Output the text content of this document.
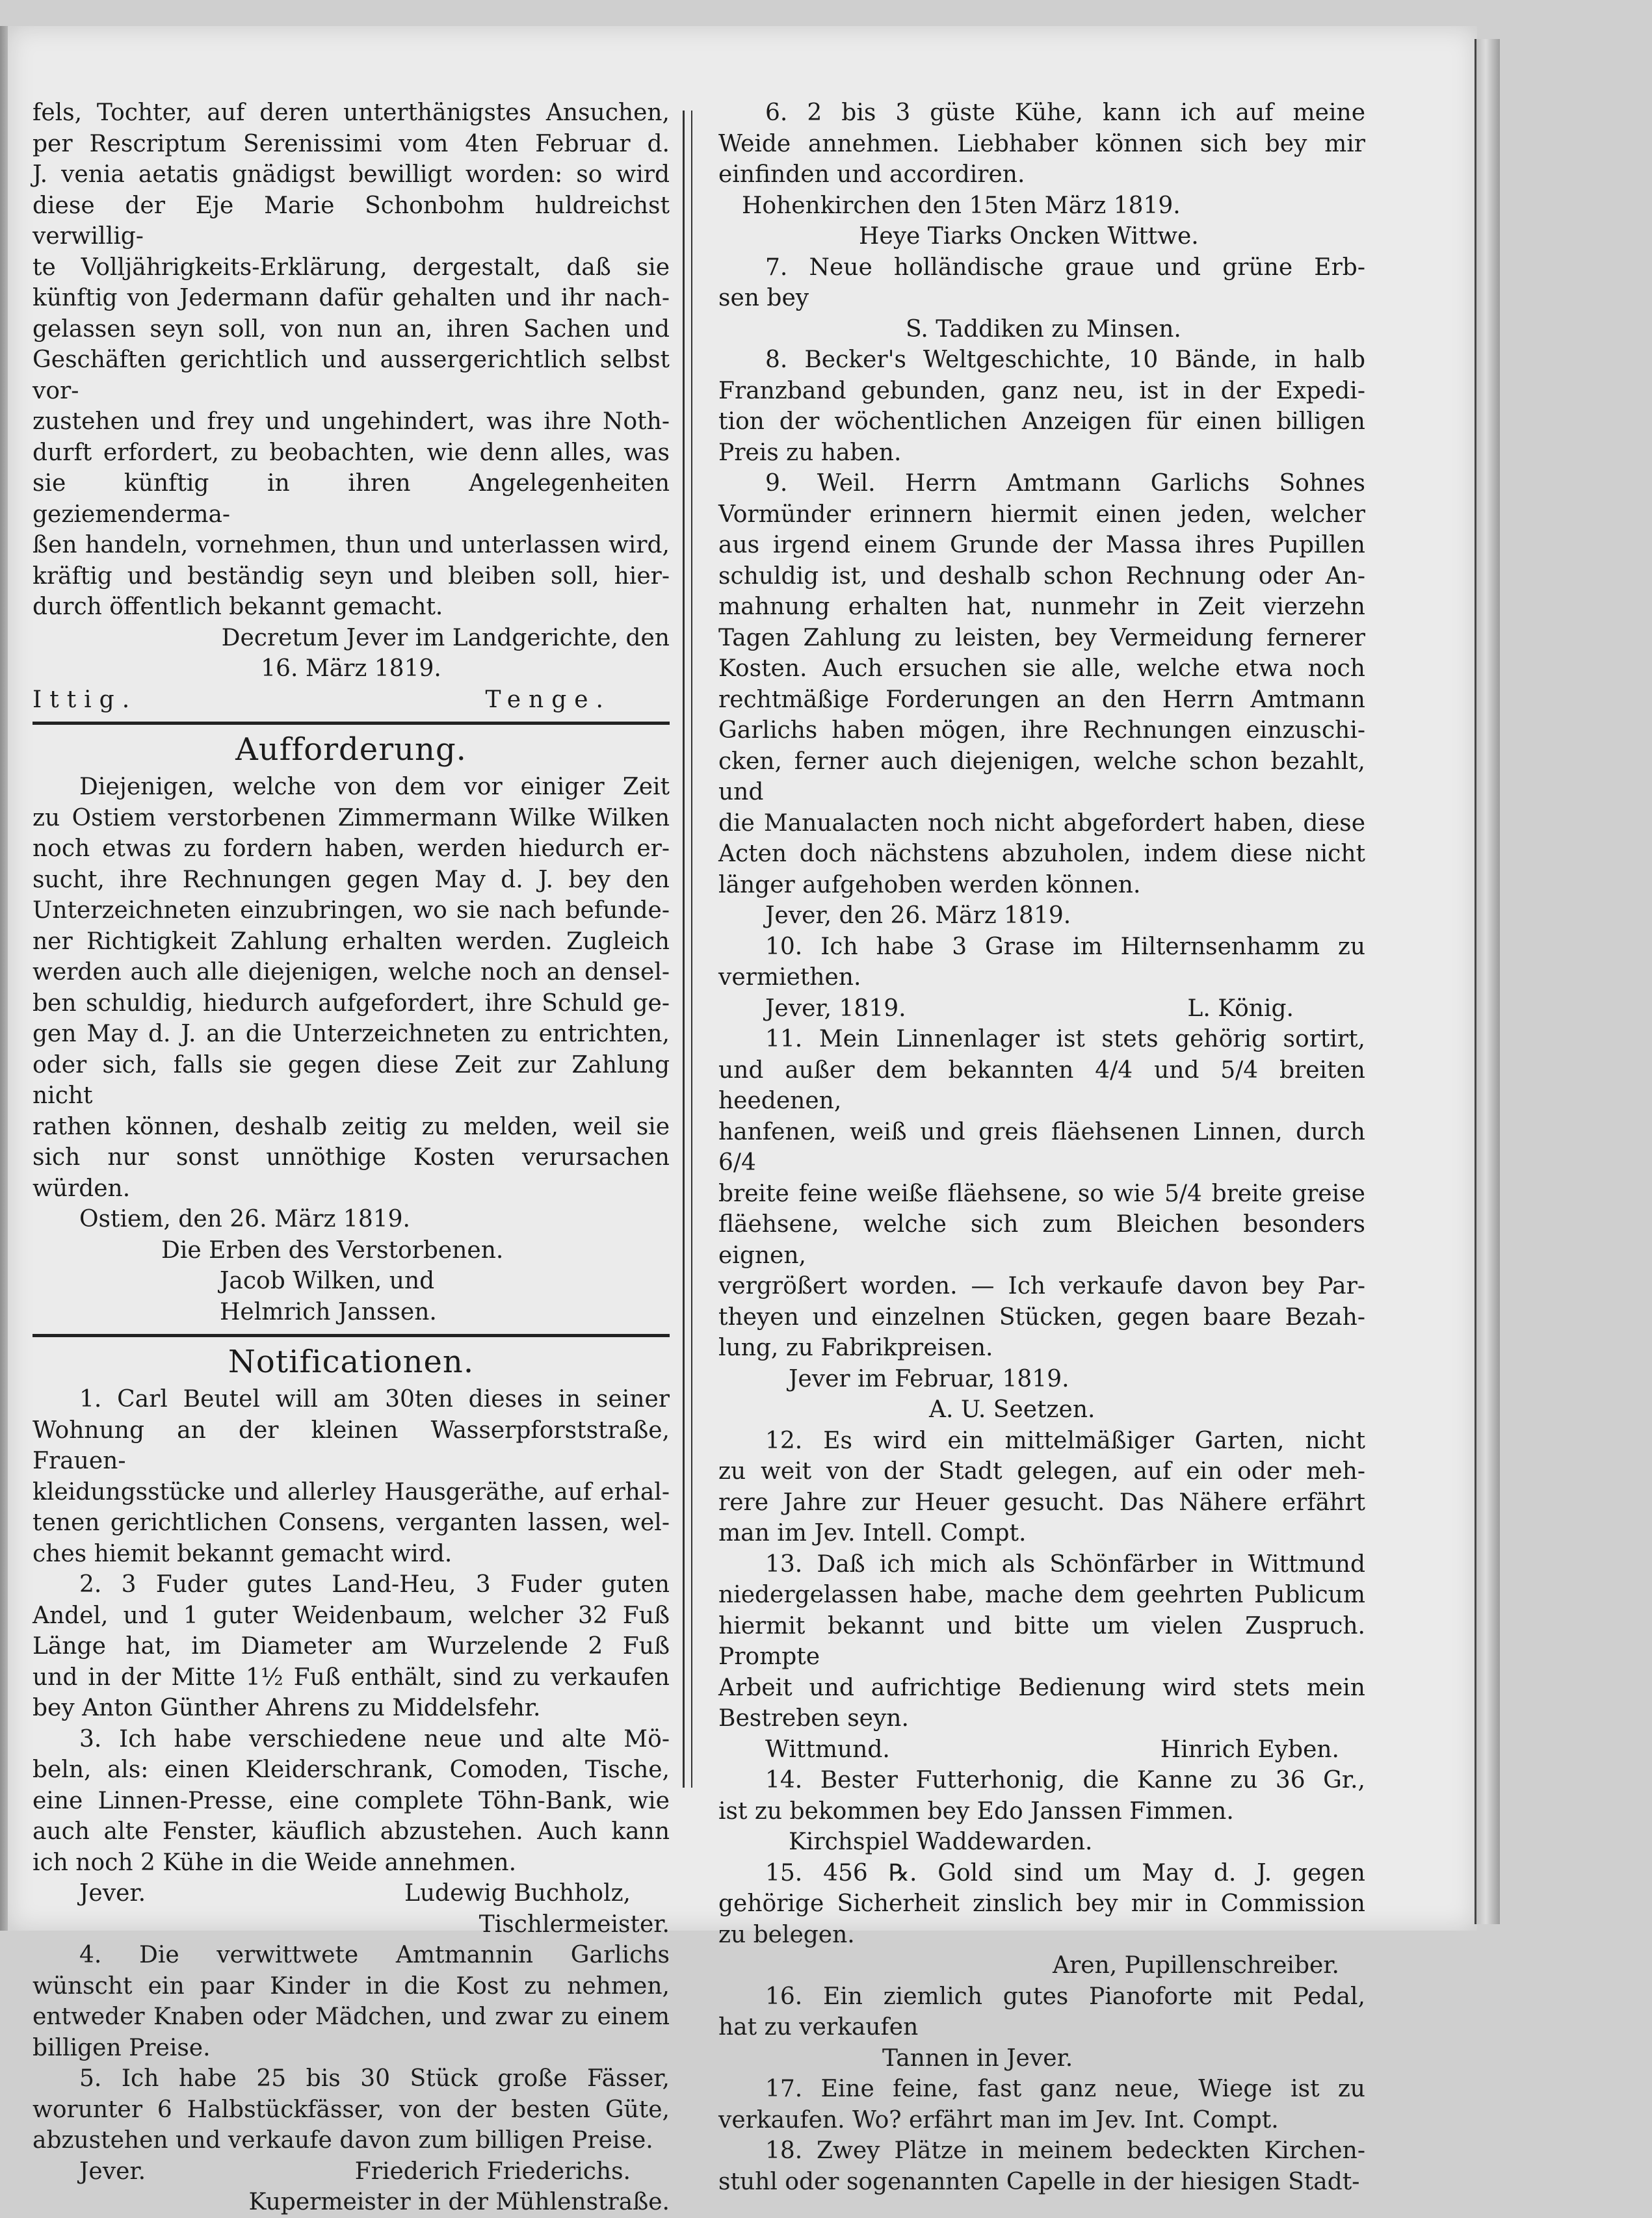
fels, Tochter, auf deren unterthänigstes Ansuchen,

per Rescriptum Serenissimi vom 4ten Februar d.

J. venia aetatis gnädigst bewilligt worden: so wird

diese der Eje Marie Schonbohm huldreichst verwillig-

te Volljährigkeits-Erklärung, dergestalt, daß sie

künftig von Jedermann dafür gehalten und ihr nach-

gelassen seyn soll, von nun an, ihren Sachen und

Geschäften gerichtlich und aussergerichtlich selbst vor-

zustehen und frey und ungehindert, was ihre Noth-

durft erfordert, zu beobachten, wie denn alles, was

sie künftig in ihren Angelegenheiten geziemenderma-

ßen handeln, vornehmen, thun und unterlassen wird,

kräftig und beständig seyn und bleiben soll, hier-

durch öffentlich bekannt gemacht.

Decretum Jever im Landgerichte, den

16. März 1819.

Ittig.	Tenge.
Aufforderung.

Diejenigen, welche von dem vor einiger Zeit

zu Ostiem verstorbenen Zimmermann Wilke Wilken

noch etwas zu fordern haben, werden hiedurch er-

sucht, ihre Rechnungen gegen May d. J. bey den

Unterzeichneten einzubringen, wo sie nach befunde-

ner Richtigkeit Zahlung erhalten werden. Zugleich

werden auch alle diejenigen, welche noch an densel-

ben schuldig, hiedurch aufgefordert, ihre Schuld ge-

gen May d. J. an die Unterzeichneten zu entrichten,

oder sich, falls sie gegen diese Zeit zur Zahlung nicht

rathen können, deshalb zeitig zu melden, weil sie

sich nur sonst unnöthige Kosten verursachen würden.

Ostiem, den 26. März 1819.

Die Erben des Verstorbenen.

Jacob Wilken, und

Helmrich Janssen.

Notificationen.

1. Carl Beutel will am 30ten dieses in seiner

Wohnung an der kleinen Wasserpforststraße, Frauen-

kleidungsstücke und allerley Hausgeräthe, auf erhal-

tenen gerichtlichen Consens, verganten lassen, wel-

ches hiemit bekannt gemacht wird.

2. 3 Fuder gutes Land-Heu, 3 Fuder guten

Andel, und 1 guter Weidenbaum, welcher 32 Fuß

Länge hat, im Diameter am Wurzelende 2 Fuß

und in der Mitte 1½ Fuß enthält, sind zu verkaufen

bey Anton Günther Ahrens zu Middelsfehr.

3. Ich habe verschiedene neue und alte Mö-

beln, als: einen Kleiderschrank, Comoden, Tische,

eine Linnen-Presse, eine complete Töhn-Bank, wie

auch alte Fenster, käuflich abzustehen. Auch kann

ich noch 2 Kühe in die Weide annehmen.

Jever.	Ludewig Buchholz,

Tischlermeister.

4. Die verwittwete Amtmannin Garlichs

wünscht ein paar Kinder in die Kost zu nehmen,

entweder Knaben oder Mädchen, und zwar zu einem

billigen Preise.

5. Ich habe 25 bis 30 Stück große Fässer,

worunter 6 Halbstückfässer, von der besten Güte,

abzustehen und verkaufe davon zum billigen Preise.

Jever.	Friederich Friederichs.

Kupermeister in der Mühlenstraße.

6. 2 bis 3 güste Kühe, kann ich auf meine

Weide annehmen. Liebhaber können sich bey mir

einfinden und accordiren.

Hohenkirchen den 15ten März 1819.

Heye Tiarks Oncken Wittwe.

7. Neue holländische graue und grüne Erb-

sen bey

S. Taddiken zu Minsen.

8. Becker's Weltgeschichte, 10 Bände, in halb

Franzband gebunden, ganz neu, ist in der Expedi-

tion der wöchentlichen Anzeigen für einen billigen

Preis zu haben.

9. Weil. Herrn Amtmann Garlichs Sohnes

Vormünder erinnern hiermit einen jeden, welcher

aus irgend einem Grunde der Massa ihres Pupillen

schuldig ist, und deshalb schon Rechnung oder An-

mahnung erhalten hat, nunmehr in Zeit vierzehn

Tagen Zahlung zu leisten, bey Vermeidung fernerer

Kosten. Auch ersuchen sie alle, welche etwa noch

rechtmäßige Forderungen an den Herrn Amtmann

Garlichs haben mögen, ihre Rechnungen einzuschi-

cken, ferner auch diejenigen, welche schon bezahlt, und

die Manualacten noch nicht abgefordert haben, diese

Acten doch nächstens abzuholen, indem diese nicht

länger aufgehoben werden können.

Jever, den 26. März 1819.

10. Ich habe 3 Grase im Hilternsenhamm zu

vermiethen.

Jever, 1819.	L. König.

11. Mein Linnenlager ist stets gehörig sortirt,

und außer dem bekannten 4/4 und 5/4 breiten heedenen,

hanfenen, weiß und greis fläehsenen Linnen, durch 6/4

breite feine weiße fläehsene, so wie 5/4 breite greise

fläehsene, welche sich zum Bleichen besonders eignen,

vergrößert worden. — Ich verkaufe davon bey Par-

theyen und einzelnen Stücken, gegen baare Bezah-

lung, zu Fabrikpreisen.

Jever im Februar, 1819.

A. U. Seetzen.

12. Es wird ein mittelmäßiger Garten, nicht

zu weit von der Stadt gelegen, auf ein oder meh-

rere Jahre zur Heuer gesucht. Das Nähere erfährt

man im Jev. Intell. Compt.

13. Daß ich mich als Schönfärber in Wittmund

niedergelassen habe, mache dem geehrten Publicum

hiermit bekannt und bitte um vielen Zuspruch. Prompte

Arbeit und aufrichtige Bedienung wird stets mein

Bestreben seyn.

Wittmund.	Hinrich Eyben.

14. Bester Futterhonig, die Kanne zu 36 Gr.,

ist zu bekommen bey Edo Janssen Fimmen.

Kirchspiel Waddewarden.

15. 456 ℞. Gold sind um May d. J. gegen

gehörige Sicherheit zinslich bey mir in Commission

zu belegen.

Aren, Pupillenschreiber.

16. Ein ziemlich gutes Pianoforte mit Pedal,

hat zu verkaufen

Tannen in Jever.

17. Eine feine, fast ganz neue, Wiege ist zu

verkaufen. Wo? erfährt man im Jev. Int. Compt.

18. Zwey Plätze in meinem bedeckten Kirchen-

stuhl oder sogenannten Capelle in der hiesigen Stadt-
